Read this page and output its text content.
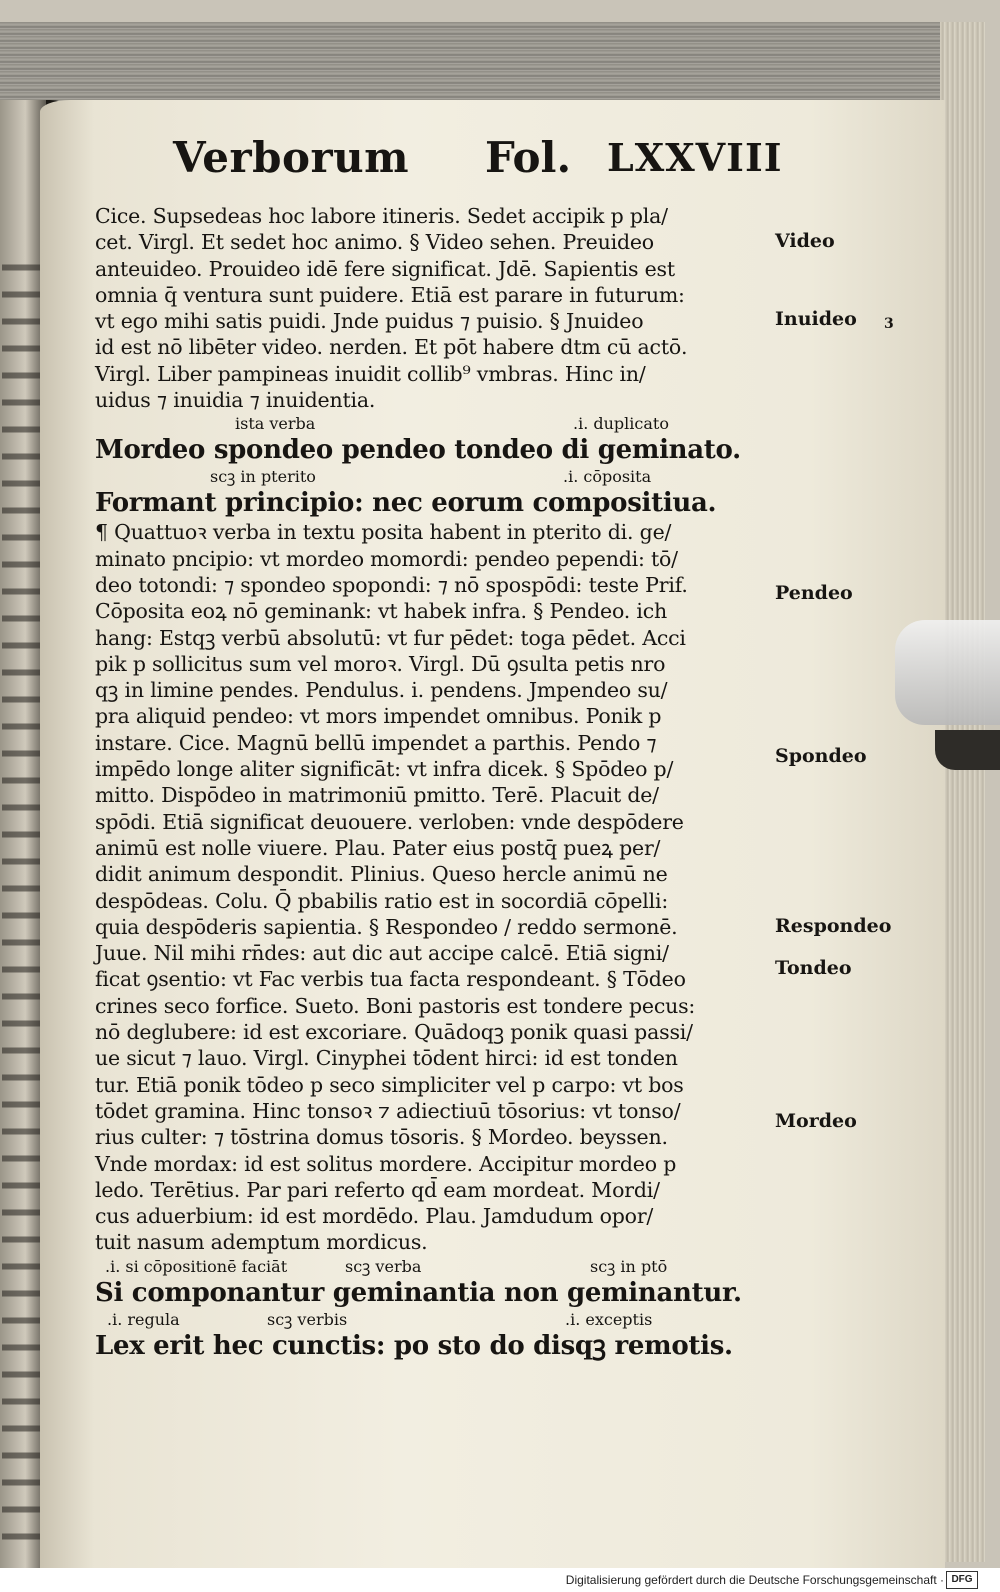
Verborum Fol. LXXVIII
Cice. Supsedeas hoc labore itineris. Sedet accipik p pla/
cet. Virgl. Et sedet hoc animo. § Video sehen. Preuideo
anteuideo. Prouideo idē fere significat. Jdē. Sapientis est
omnia q̄ ventura sunt puidere. Etiā est parare in futurum:
vt ego mihi satis puidi. Jnde puidus ⁊ puisio. § Jnuideo
id est nō libēter video. nerden. Et pōt habere dtm cū actō.
Virgl. Liber pampineas inuidit collib⁹ vmbras. Hinc in/
uidus ⁊ inuidia ⁊ inuidentia.
ista verba	.i. duplicato
Mordeo spondeo pendeo tondeo di geminato.
scꝫ in pterito	.i. cōposita
Formant principio: nec eorum compositiua.
¶ Quattuoꝛ verba in textu posita habent in pterito di. ge/
minato pncipio: vt mordeo momordi: pendeo pependi: tō/
deo totondi: ⁊ spondeo spopondi: ⁊ nō spospōdi: teste Prif.
Cōposita eoꝝ nō geminank: vt habek infra. § Pendeo. ich
hang: Estqꝫ verbū absolutū: vt fur pēdet: toga pēdet. Acci
pik p sollicitus sum vel moroꝛ. Virgl. Dū ꝯsulta petis nro
qꝫ in limine pendes. Pendulus. i. pendens. Jmpendeo su/
pra aliquid pendeo: vt mors impendet omnibus. Ponik p
instare. Cice. Magnū bellū impendet a parthis. Pendo ⁊
impēdo longe aliter significāt: vt infra dicek. § Spōdeo p/
mitto. Dispōdeo in matrimoniū pmitto. Terē. Placuit de/
spōdi. Etiā significat deuouere. verloben: vnde despōdere
animū est nolle viuere. Plau. Pater eius postq̄ pueꝝ per/
didit animum despondit. Plinius. Queso hercle animū ne
despōdeas. Colu. Q̄ pbabilis ratio est in socordiā cōpelli:
quia despōderis sapientia. § Respondeo / reddo sermonē.
Juue. Nil mihi rn̄des: aut dic aut accipe calcē. Etiā signi/
ficat ꝯsentio: vt Fac verbis tua facta respondeant. § Tōdeo
crines seco forfice. Sueto. Boni pastoris est tondere pecus:
nō deglubere: id est excoriare. Quādoqꝫ ponik quasi passi/
ue sicut ⁊ lauo. Virgl. Cinyphei tōdent hirci: id est tonden
tur. Etiā ponik tōdeo p seco simpliciter vel p carpo: vt bos
tōdet gramina. Hinc tonsoꝛ ⁊ adiectiuū tōsorius: vt tonso/
rius culter: ⁊ tōstrina domus tōsoris. § Mordeo. beyssen.
Vnde mordax: id est solitus mordere. Accipitur mordeo p
ledo. Terētius. Par pari referto qd̄ eam mordeat. Mordi/
cus aduerbium: id est mordēdo. Plau. Jamdudum opor/
tuit nasum ademptum mordicus.
.i. si cōpositionē faciāt	scꝫ verba	scꝫ in ptō
Si componantur geminantia non geminantur.
.i. regula	scꝫ verbis	.i. exceptis
Lex erit hec cunctis: po sto do disqꝫ remotis.
Video
Inuideo 3
Pendeo
Spondeo
Respondeo
Tondeo
Mordeo
Digitalisierung gefördert durch die Deutsche Forschungsgemeinschaft · DFG
